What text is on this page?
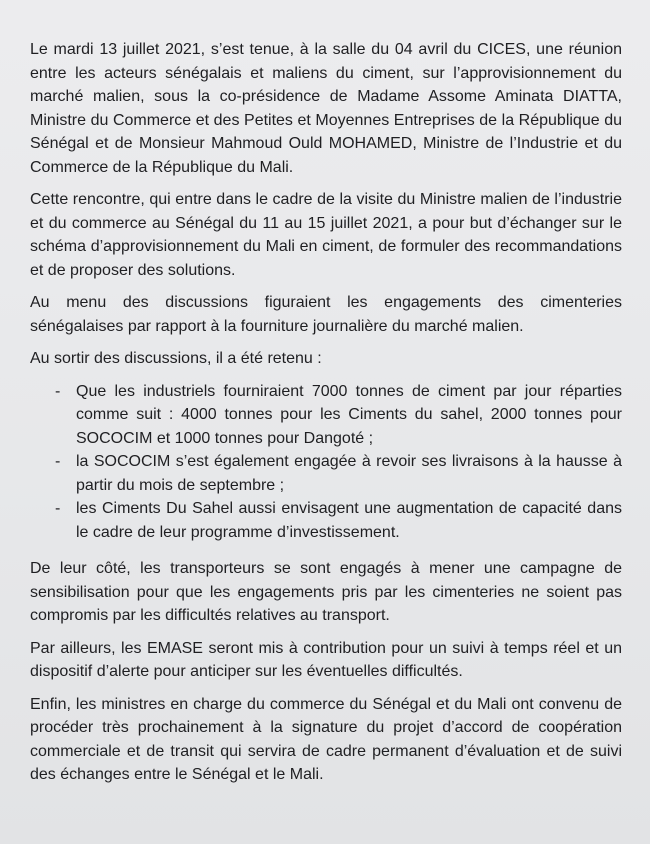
Le mardi 13 juillet 2021, s’est tenue, à la salle du 04 avril du CICES, une réunion entre les acteurs sénégalais et maliens du ciment, sur l’approvisionnement du marché malien, sous la co-présidence de Madame Assome Aminata DIATTA, Ministre du Commerce et des Petites et Moyennes Entreprises de la République du Sénégal et de Monsieur Mahmoud Ould MOHAMED, Ministre de l’Industrie et du Commerce de la République du Mali.

Cette rencontre, qui entre dans le cadre de la visite du Ministre malien de l’industrie et du commerce au Sénégal du 11 au 15 juillet 2021, a pour but d’échanger sur le schéma d’approvisionnement du Mali en ciment, de formuler des recommandations et de proposer des solutions.

Au menu des discussions figuraient les engagements des cimenteries sénégalaises par rapport à la fourniture journalière du marché malien.

Au sortir des discussions, il a été retenu :

- Que les industriels fourniraient 7000 tonnes de ciment par jour réparties comme suit : 4000 tonnes pour les Ciments du sahel, 2000 tonnes pour SOCOCIM et 1000 tonnes pour Dangoté ;
- la SOCOCIM s’est également engagée à revoir ses livraisons à la hausse à partir du mois de septembre ;
- les Ciments Du Sahel aussi envisagent une augmentation de capacité dans le cadre de leur programme d’investissement.

De leur côté, les transporteurs se sont engagés à mener une campagne de sensibilisation pour que les engagements pris par les cimenteries ne soient pas compromis par les difficultés relatives au transport.

Par ailleurs, les EMASE seront mis à contribution pour un suivi à temps réel et un dispositif d’alerte pour anticiper sur les éventuelles difficultés.

Enfin, les ministres en charge du commerce du Sénégal et du Mali ont convenu de procéder très prochainement à la signature du projet d’accord de coopération commerciale et de transit qui servira de cadre permanent d’évaluation et de suivi des échanges entre le Sénégal et le Mali.
